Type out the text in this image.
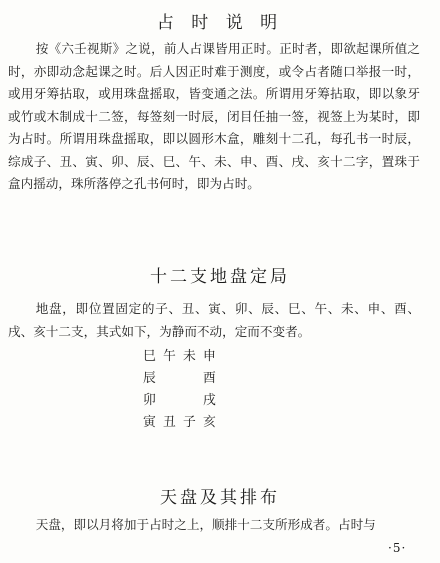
占 时 说 明

按《六壬视斯》之说，前人占课皆用正时。正时者，即欲起课所值之时，亦即动念起课之时。后人因正时难于测度，或令占者随口举报一时，或用牙筹拈取，或用珠盘摇取，皆变通之法。所谓用牙筹拈取，即以象牙或竹或木制成十二签，每签刻一时辰，闭目任抽一签，视签上为某时，即为占时。所谓用珠盘摇取，即以圆形木盒，雕刻十二孔，每孔书一时辰，综成子、丑、寅、卯、辰、巳、午、未、申、酉、戌、亥十二字，置珠于盒内摇动，珠所落停之孔书何时，即为占时。

十二支地盘定局

地盘，即位置固定的子、丑、寅、卯、辰、巳、午、未、申、酉、戌、亥十二支，其式如下，为静而不动，定而不变者。

巳 午 未 申
辰	酉
卯	戌
寅 丑 子 亥
天盘及其排布

天盘，即以月将加于占时之上，顺排十二支所形成者。占时与

·5·
